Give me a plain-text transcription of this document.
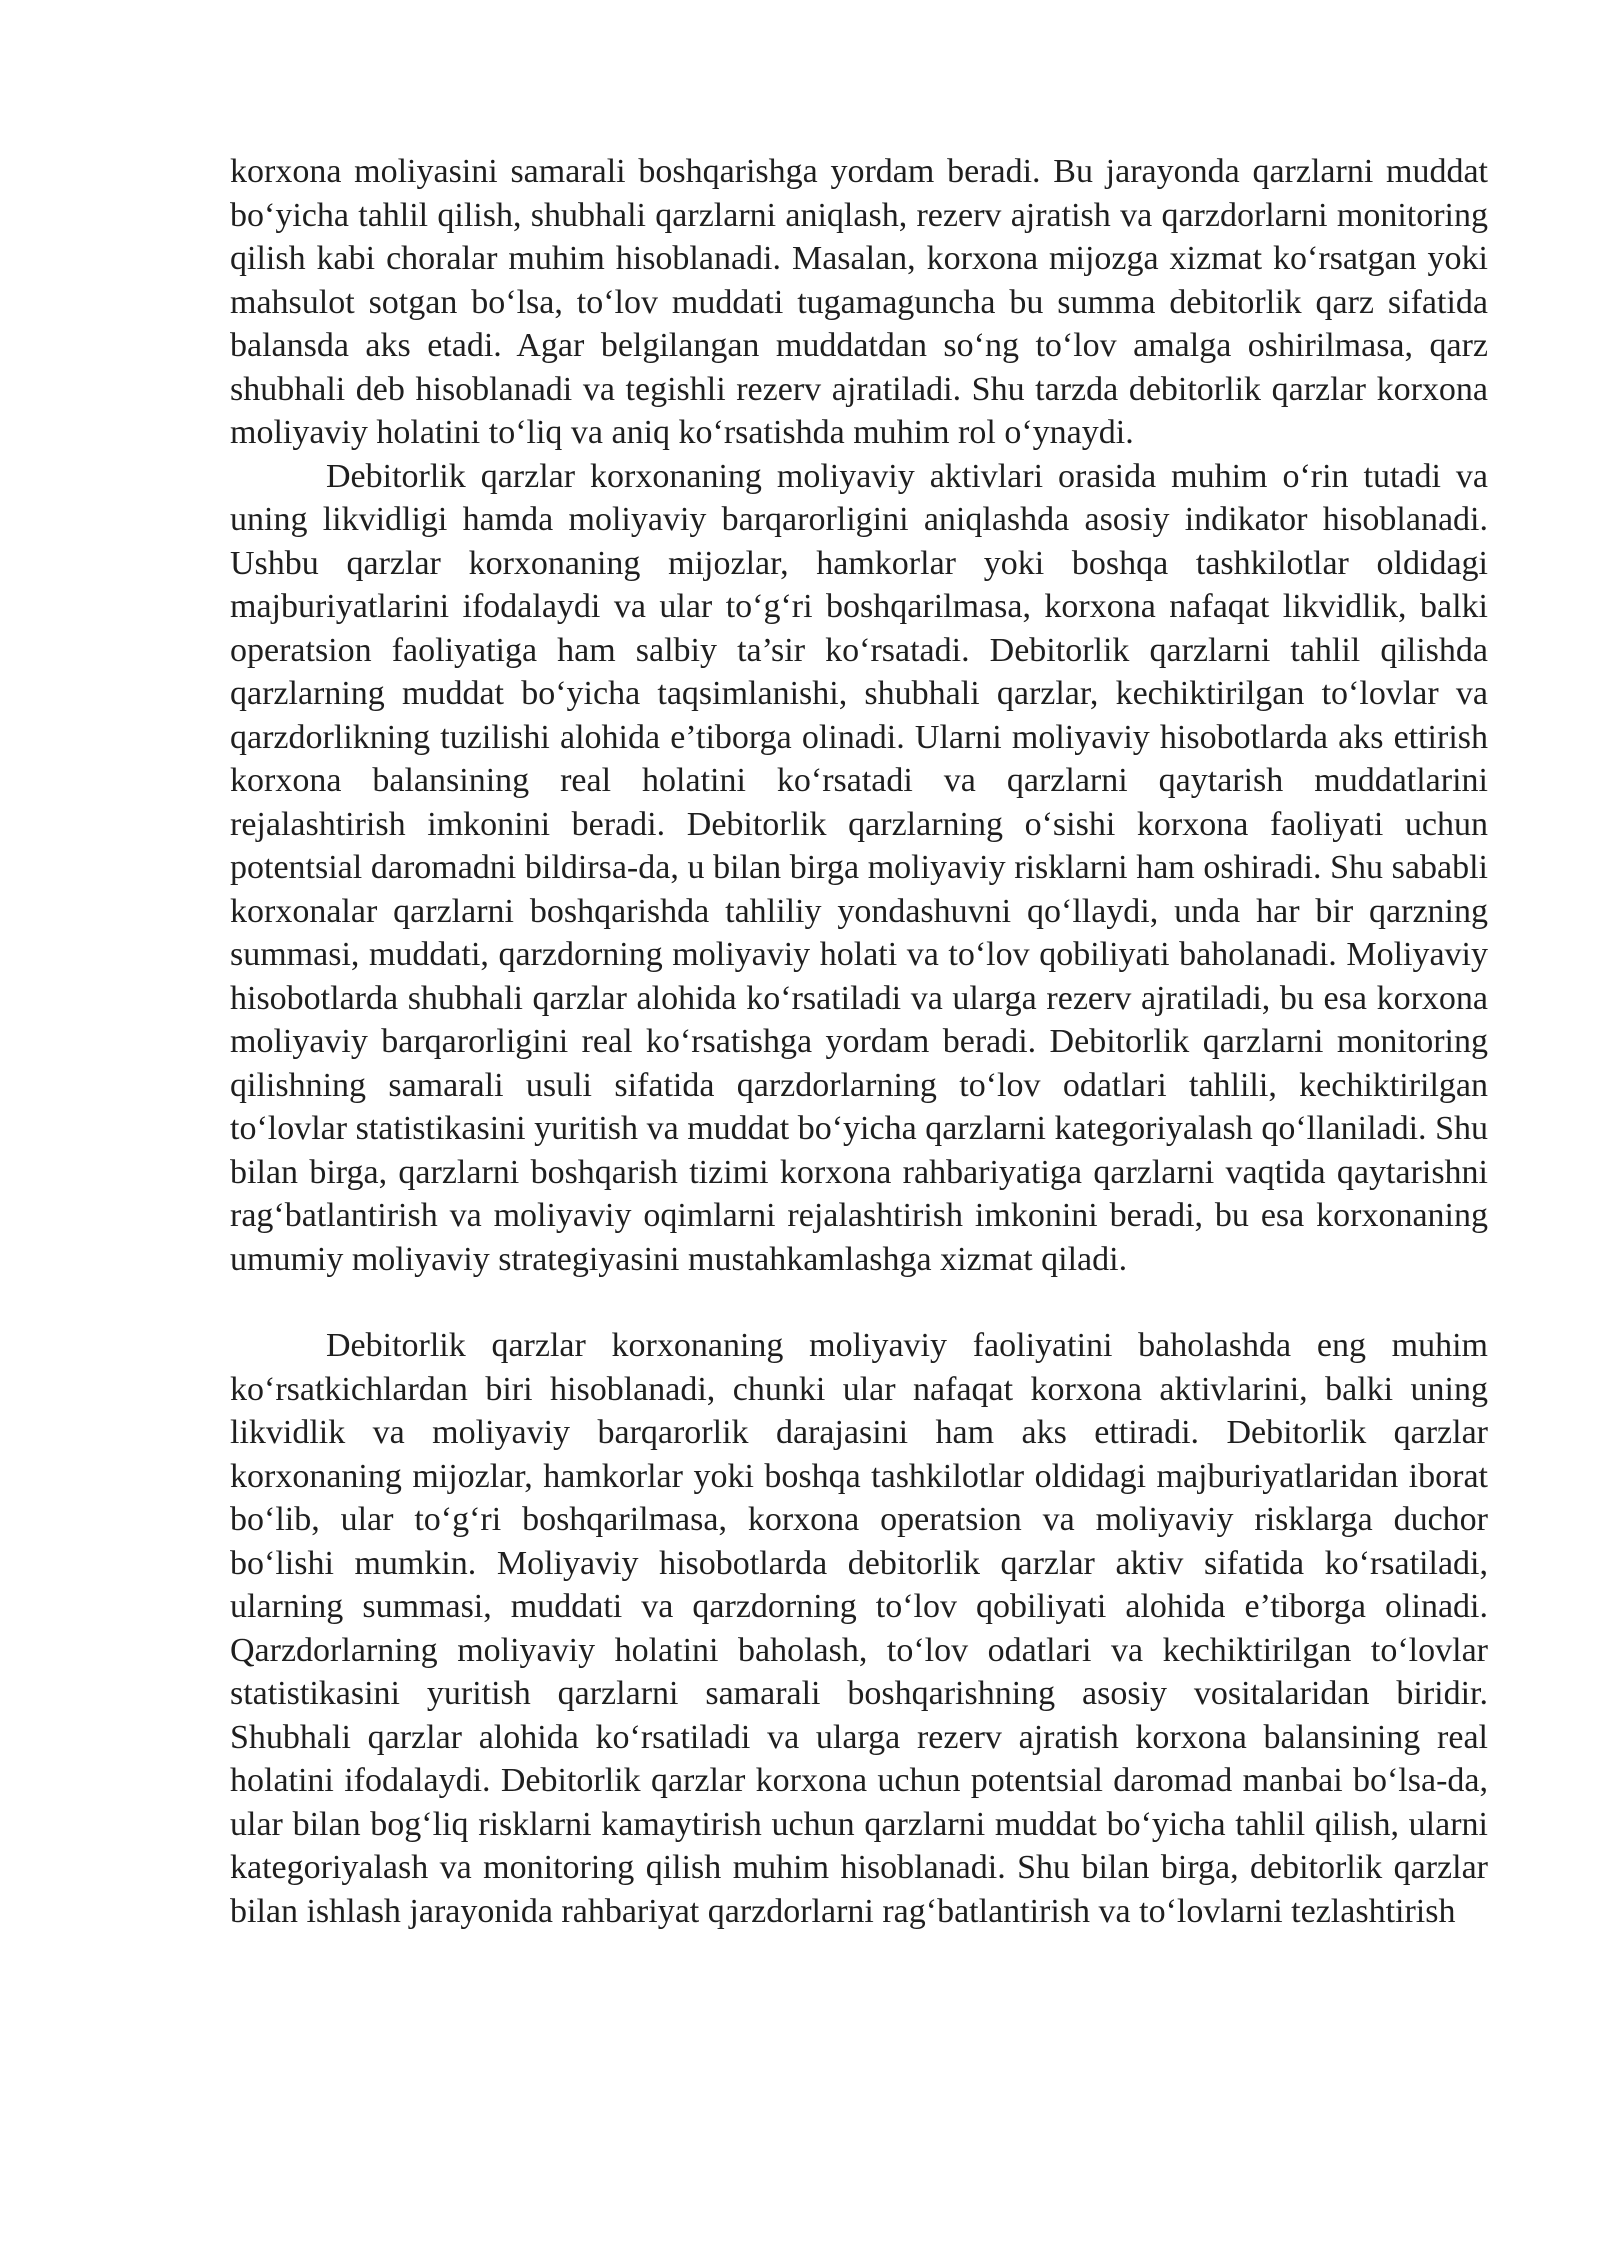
korxona moliyasini samarali boshqarishga yordam beradi. Bu jarayonda qarzlarni muddat bo‘yicha tahlil qilish, shubhali qarzlarni aniqlash, rezerv ajratish va qarzdorlarni monitoring qilish kabi choralar muhim hisoblanadi. Masalan, korxona mijozga xizmat ko‘rsatgan yoki mahsulot sotgan bo‘lsa, to‘lov muddati tugamaguncha bu summa debitorlik qarz sifatida balansda aks etadi. Agar belgilangan muddatdan so‘ng to‘lov amalga oshirilmasa, qarz shubhali deb hisoblanadi va tegishli rezerv ajratiladi. Shu tarzda debitorlik qarzlar korxona moliyaviy holatini to‘liq va aniq ko‘rsatishda muhim rol o‘ynaydi.

Debitorlik qarzlar korxonaning moliyaviy aktivlari orasida muhim o‘rin tutadi va uning likvidligi hamda moliyaviy barqarorligini aniqlashda asosiy indikator hisoblanadi. Ushbu qarzlar korxonaning mijozlar, hamkorlar yoki boshqa tashkilotlar oldidagi majburiyatlarini ifodalaydi va ular to‘g‘ri boshqarilmasa, korxona nafaqat likvidlik, balki operatsion faoliyatiga ham salbiy ta’sir ko‘rsatadi. Debitorlik qarzlarni tahlil qilishda qarzlarning muddat bo‘yicha taqsimlanishi, shubhali qarzlar, kechiktirilgan to‘lovlar va qarzdorlikning tuzilishi alohida e’tiborga olinadi. Ularni moliyaviy hisobotlarda aks ettirish korxona balansining real holatini ko‘rsatadi va qarzlarni qaytarish muddatlarini rejalashtirish imkonini beradi. Debitorlik qarzlarning o‘sishi korxona faoliyati uchun potentsial daromadni bildirsa-da, u bilan birga moliyaviy risklarni ham oshiradi. Shu sababli korxonalar qarzlarni boshqarishda tahliliy yondashuvni qo‘llaydi, unda har bir qarzning summasi, muddati, qarzdorning moliyaviy holati va to‘lov qobiliyati baholanadi. Moliyaviy hisobotlarda shubhali qarzlar alohida ko‘rsatiladi va ularga rezerv ajratiladi, bu esa korxona moliyaviy barqarorligini real ko‘rsatishga yordam beradi. Debitorlik qarzlarni monitoring qilishning samarali usuli sifatida qarzdorlarning to‘lov odatlari tahlili, kechiktirilgan to‘lovlar statistikasini yuritish va muddat bo‘yicha qarzlarni kategoriyalash qo‘llaniladi. Shu bilan birga, qarzlarni boshqarish tizimi korxona rahbariyatiga qarzlarni vaqtida qaytarishni rag‘batlantirish va moliyaviy oqimlarni rejalashtirish imkonini beradi, bu esa korxonaning umumiy moliyaviy strategiyasini mustahkamlashga xizmat qiladi.

Debitorlik qarzlar korxonaning moliyaviy faoliyatini baholashda eng muhim ko‘rsatkichlardan biri hisoblanadi, chunki ular nafaqat korxona aktivlarini, balki uning likvidlik va moliyaviy barqarorlik darajasini ham aks ettiradi. Debitorlik qarzlar korxonaning mijozlar, hamkorlar yoki boshqa tashkilotlar oldidagi majburiyatlaridan iborat bo‘lib, ular to‘g‘ri boshqarilmasa, korxona operatsion va moliyaviy risklarga duchor bo‘lishi mumkin. Moliyaviy hisobotlarda debitorlik qarzlar aktiv sifatida ko‘rsatiladi, ularning summasi, muddati va qarzdorning to‘lov qobiliyati alohida e’tiborga olinadi. Qarzdorlarning moliyaviy holatini baholash, to‘lov odatlari va kechiktirilgan to‘lovlar statistikasini yuritish qarzlarni samarali boshqarishning asosiy vositalaridan biridir. Shubhali qarzlar alohida ko‘rsatiladi va ularga rezerv ajratish korxona balansining real holatini ifodalaydi. Debitorlik qarzlar korxona uchun potentsial daromad manbai bo‘lsa-da, ular bilan bog‘liq risklarni kamaytirish uchun qarzlarni muddat bo‘yicha tahlil qilish, ularni kategoriyalash va monitoring qilish muhim hisoblanadi. Shu bilan birga, debitorlik qarzlar bilan ishlash jarayonida rahbariyat qarzdorlarni rag‘batlantirish va to‘lovlarni tezlashtirish
